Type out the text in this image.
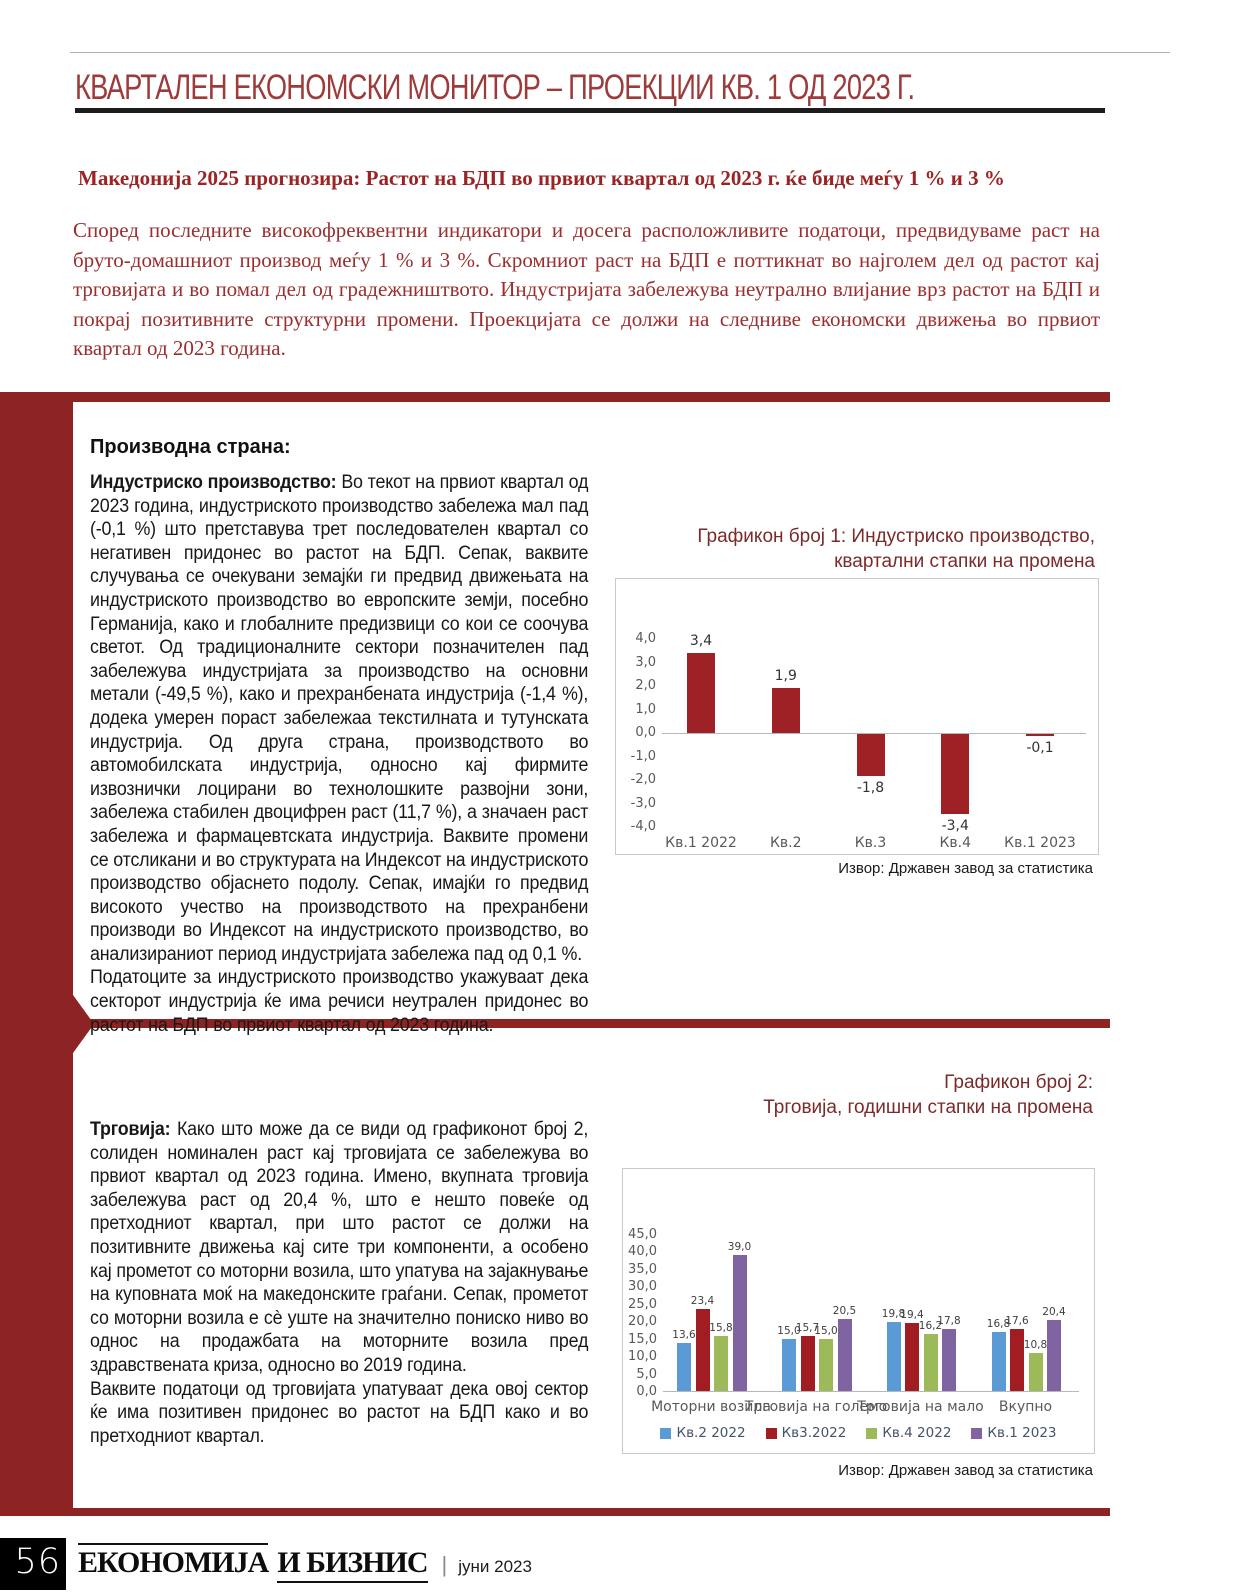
КВАРТАЛЕН ЕКОНОМСКИ МОНИТОР – ПРОЕКЦИИ КВ. 1 ОД 2023 Г.
Македонија 2025 прогнозира: Растот на БДП во првиот квартал од 2023 г. ќе биде меѓу 1 % и 3 %
Според последните високофреквентни индикатори и досега расположливите податоци, предвидуваме раст на бруто-домашниот производ меѓу 1 % и 3 %. Скромниот раст на БДП е поттикнат во најголем дел од растот кај трговијата и во помал дел од градежништвото. Индустријата забележува неутрално влијание врз растот на БДП и покрај позитивните структурни промени. Проекцијата се должи на следниве економски движења во првиот квартал од 2023 година.
Производна страна:

Индустриско производство: Во текот на првиот квартал од 2023 година, индустриското производство забележа мал пад (-0,1 %) што претставува трет последователен квартал со негативен придонес во растот на БДП. Сепак, ваквите случувања се очекувани земајќи ги предвид движењата на индустриското производство во европските земји, посебно Германија, како и глобалните предизвици со кои се соочува светот. Од традиционалните сектори позначителен пад забележува индустријата за производство на основни метали (-49,5 %), како и прехранбената индустрија (-1,4 %), додека умерен пораст забележаа текстилната и тутунската индустрија. Од друга страна, производството во автомобилската индустрија, односно кај фирмите извознички лоцирани во технолошките развојни зони, забележа стабилен двоцифрен раст (11,7 %), а значаен раст забележа и фармацевтската индустрија. Ваквите промени се отсликани и во структурата на Индексот на индустриското производство објаснето подолу. Сепак, имајќи го предвид високото учество на производството на прехранбени производи во Индексот на индустриското производство, во анализираниот период индустријата забележа пад од 0,1 %.

Податоците за индустриското производство укажуваат дека секторот индустрија ќе има речиси неутрален придонес во растот на БДП во првиот квартал од 2023 година.

Трговија: Како што може да се види од графиконот број 2, солиден номинален раст кај трговијата се забележува во првиот квартал од 2023 година. Имено, вкупната трговија забележува раст од 20,4 %, што е нешто повеќе од претходниот квартал, при што растот се должи на позитивните движења кај сите три компоненти, а особено кај прометот со моторни возила, што упатува на зајакнување на куповната моќ на македонските граѓани. Сепак, прометот со моторни возила е сè уште на значително пониско ниво во однос на продажбата на моторните возила пред здравствената криза, односно во 2019 година.

Ваквите податоци од трговијата упатуваат дека овој сектор ќе има позитивен придонес во растот на БДП како и во претходниот квартал.

Графикон број 1: Индустриско производство,
квартални стапки на промена
4,0
3,0
2,0
1,0
0,0
-1,0
-2,0
-3,0
-4,0
3,4
Кв.1 2022
1,9
Кв.2
-1,8
Кв.3
-3,4
Кв.4
-0,1
Кв.1 2023
Извор: Државен завод за статистика
Графикон број 2:
Трговија, годишни стапки на промена
45,0
40,0
35,0
30,0
25,0
20,0
15,0
10,0
5,0
0,0
13,6	15,0
19,8
16,8
23,4
15,7
19,4
17,6
15,8	15,0	16,2
10,8
39,0
20,5
17,8
20,4
Моторни возила
Трговија на големо
Трговија на мало	Вкупно
Кв.2 2022	Кв3.2022	Кв.4 2022	Кв.1 2023
Извор: Државен завод за статистика
56 ЕКОНОМИЈА И БИЗНИС | јуни 2023
